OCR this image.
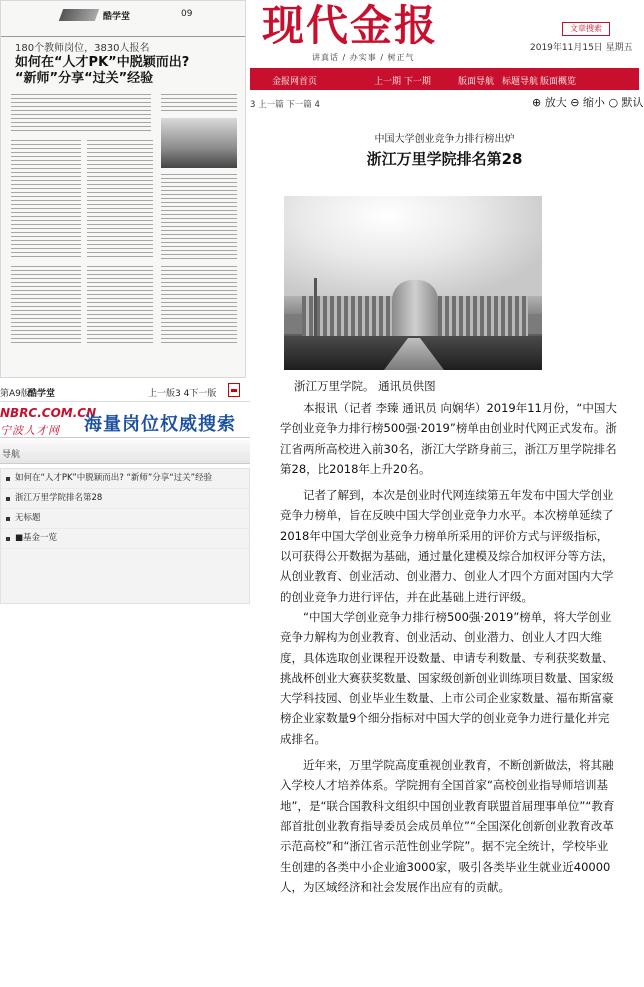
酷学堂	09
180个教师岗位，3830人报名
如何在“人才PK”中脱颖而出?
“新师”分享“过关”经验
第A9版:
酷学堂	上一版3 4下一版
NBRC.COM.CN
宁波人才网 海量岗位权威搜索
导航
如何在“人才PK”中脱颖而出? “新师”分享“过关”经验
浙江万里学院排名第28
无标题
■基金一览
现代金报
讲真话 / 办实事 / 树正气
文章搜索
2019年11月15日 星期五
金报网首页	上一期 下一期	版面导航 标题导航 版面概览
3 上一篇 下一篇 4	⊕ 放大 ⊖ 缩小 ○ 默认
中国大学创业竞争力排行榜出炉
浙江万里学院排名第28
浙江万里学院。 通讯员供图

本报讯（记者 李臻 通讯员 向娴华）2019年11月份，“中国大学创业竞争力排行榜500强·2019”榜单由创业时代网正式发布。浙江省两所高校进入前30名，浙江大学跻身前三，浙江万里学院排名第28，比2018年上升20名。

记者了解到，本次是创业时代网连续第五年发布中国大学创业竞争力榜单，旨在反映中国大学创业竞争力水平。本次榜单延续了2018年中国大学创业竞争力榜单所采用的评价方式与评级指标，以可获得公开数据为基础，通过量化建模及综合加权评分等方法，从创业教育、创业活动、创业潜力、创业人才四个方面对国内大学的创业竞争力进行评估，并在此基础上进行评级。

“中国大学创业竞争力排行榜500强·2019”榜单，将大学创业竞争力解构为创业教育、创业活动、创业潜力、创业人才四大维度，具体选取创业课程开设数量、申请专利数量、专利获奖数量、挑战杯创业大赛获奖数量、国家级创新创业训练项目数量、国家级大学科技园、创业毕业生数量、上市公司企业家数量、福布斯富豪榜企业家数量9个细分指标对中国大学的创业竞争力进行量化并完成排名。

近年来，万里学院高度重视创业教育，不断创新做法，将其融入学校人才培养体系。学院拥有全国首家“高校创业指导师培训基地”，是“联合国教科文组织中国创业教育联盟首届理事单位”“教育部首批创业教育指导委员会成员单位”“全国深化创新创业教育改革示范高校”和“浙江省示范性创业学院”。据不完全统计，学校毕业生创建的各类中小企业逾3000家，吸引各类毕业生就业近40000人，为区域经济和社会发展作出应有的贡献。
